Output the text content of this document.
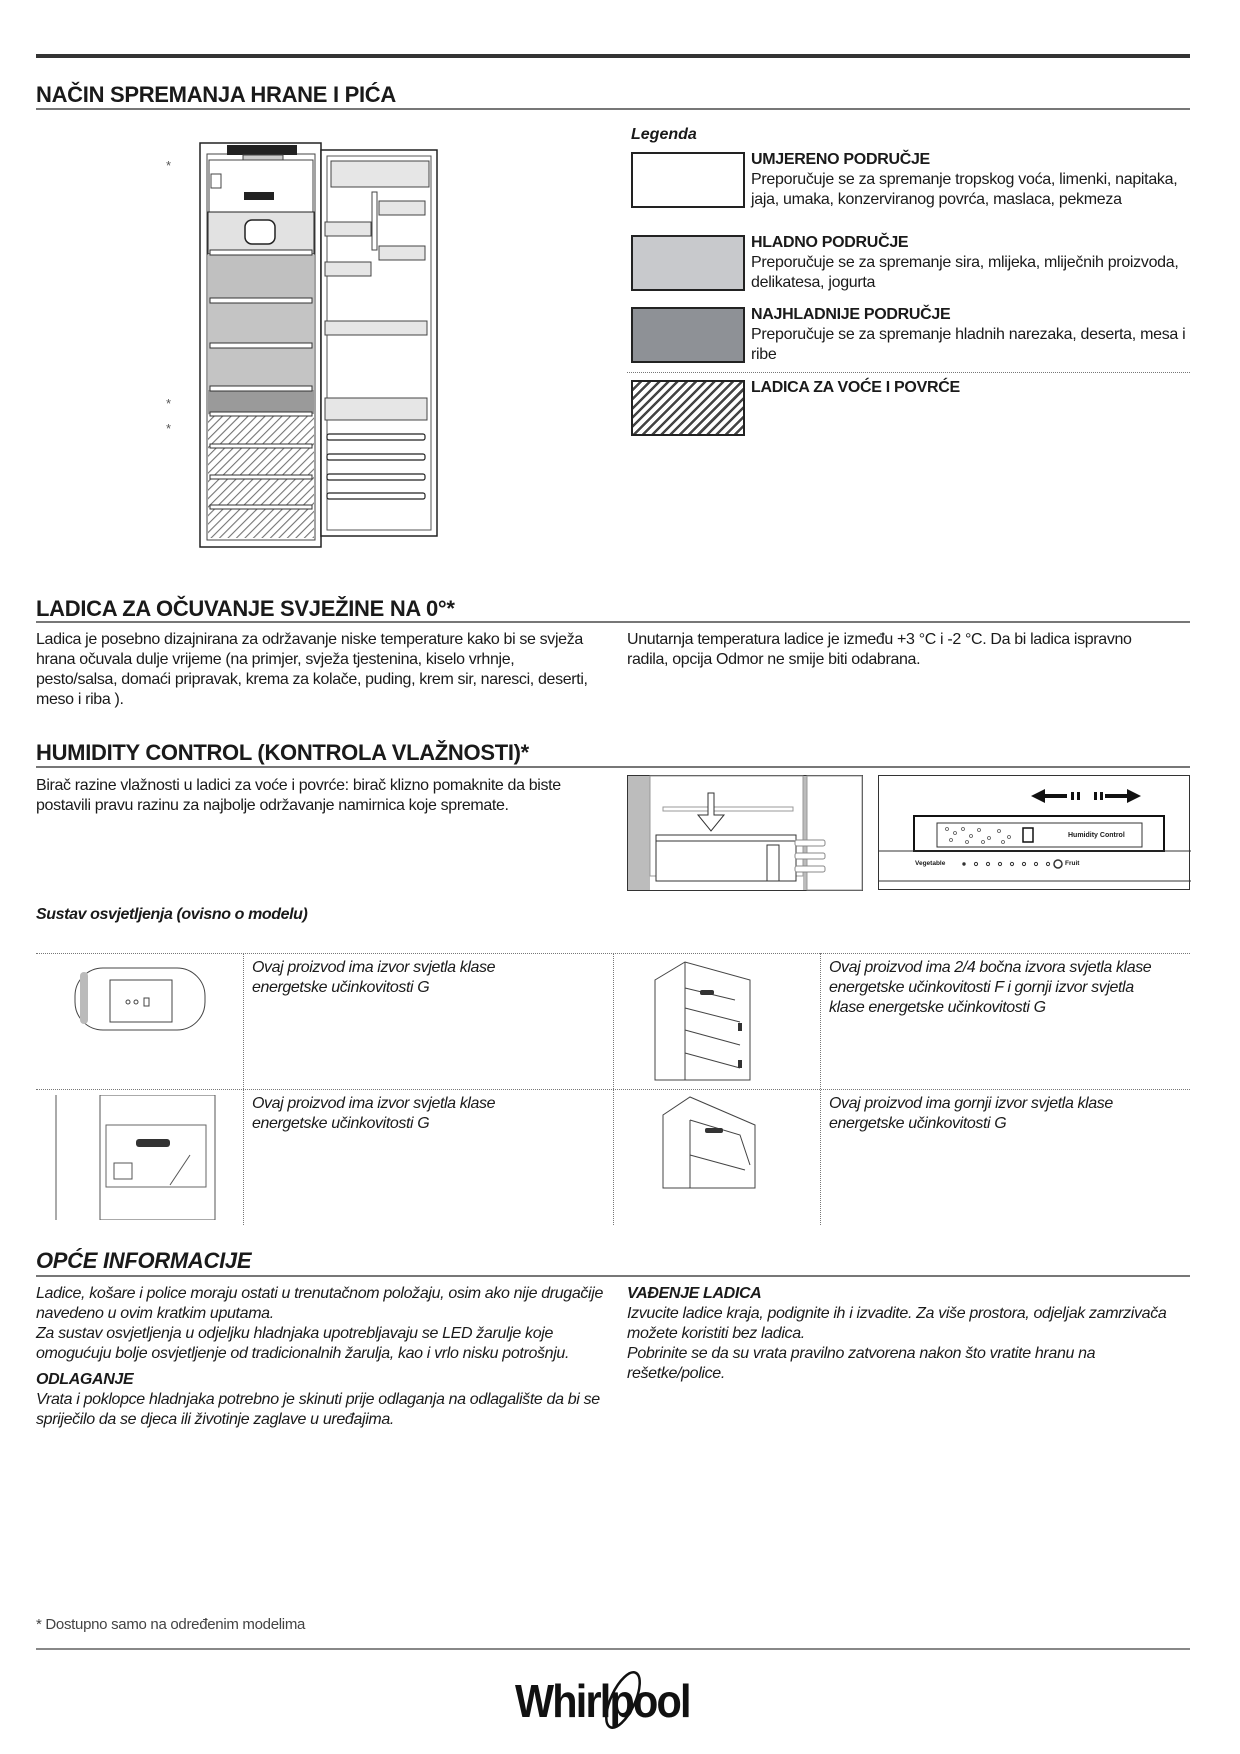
NAČIN SPREMANJA HRANE I PIĆA
*
*
*
Legenda
UMJERENO PODRUČJE
Preporučuje se za spremanje tropskog voća, limenki, napitaka, jaja, umaka, konzerviranog povrća, maslaca, pekmeza
HLADNO PODRUČJE
Preporučuje se za spremanje sira, mlijeka, mliječnih proizvoda, delikatesa, jogurta
NAJHLADNIJE PODRUČJE
Preporučuje se za spremanje hladnih narezaka, deserta, mesa i ribe
LADICA ZA VOĆE I POVRĆE
LADICA ZA OČUVANJE SVJEŽINE NA 0°*
Ladica je posebno dizajnirana za održavanje niske temperature kako bi se svježa hrana očuvala dulje vrijeme (na primjer, svježa tjestenina, kiselo vrhnje, pesto/salsa, domaći pripravak, krema za kolače, puding, krem sir, naresci, deserti, meso i riba ).
Unutarnja temperatura ladice je između +3 °C i -2 °C. Da bi ladica ispravno radila, opcija Odmor ne smije biti odabrana.
HUMIDITY CONTROL (KONTROLA VLAŽNOSTI)*
Birač razine vlažnosti u ladici za voće i povrće: birač klizno pomaknite da biste postavili pravu razinu za najbolje održavanje namirnica koje spremate.
Humidity Control
Vegetable	Fruit
Sustav osvjetljenja (ovisno o modelu)
Ovaj proizvod ima izvor svjetla klase energetske učinkovitosti G
Ovaj proizvod ima 2/4 bočna izvora svjetla klase energetske učinkovitosti F i gornji izvor svjetla klase energetske učinkovitosti G
Ovaj proizvod ima izvor svjetla klase energetske učinkovitosti G
Ovaj proizvod ima gornji izvor svjetla klase energetske učinkovitosti G
OPĆE INFORMACIJE
Ladice, košare i police moraju ostati u trenutačnom položaju, osim ako nije drugačije navedeno u ovim kratkim uputama.
Za sustav osvjetljenja u odjeljku hladnjaka upotrebljavaju se LED žarulje koje omogućuju bolje osvjetljenje od tradicionalnih žarulja, kao i vrlo nisku potrošnju.
ODLAGANJE
Vrata i poklopce hladnjaka potrebno je skinuti prije odlaganja na odlagalište da bi se spriječilo da se djeca ili životinje zaglave u uređajima.
VAĐENJE LADICA
Izvucite ladice kraja, podignite ih i izvadite. Za više prostora, odjeljak zamrzivača možete koristiti bez ladica.
Pobrinite se da su vrata pravilno zatvorena nakon što vratite hranu na rešetke/police.
* Dostupno samo na određenim modelima
Whirlpool
